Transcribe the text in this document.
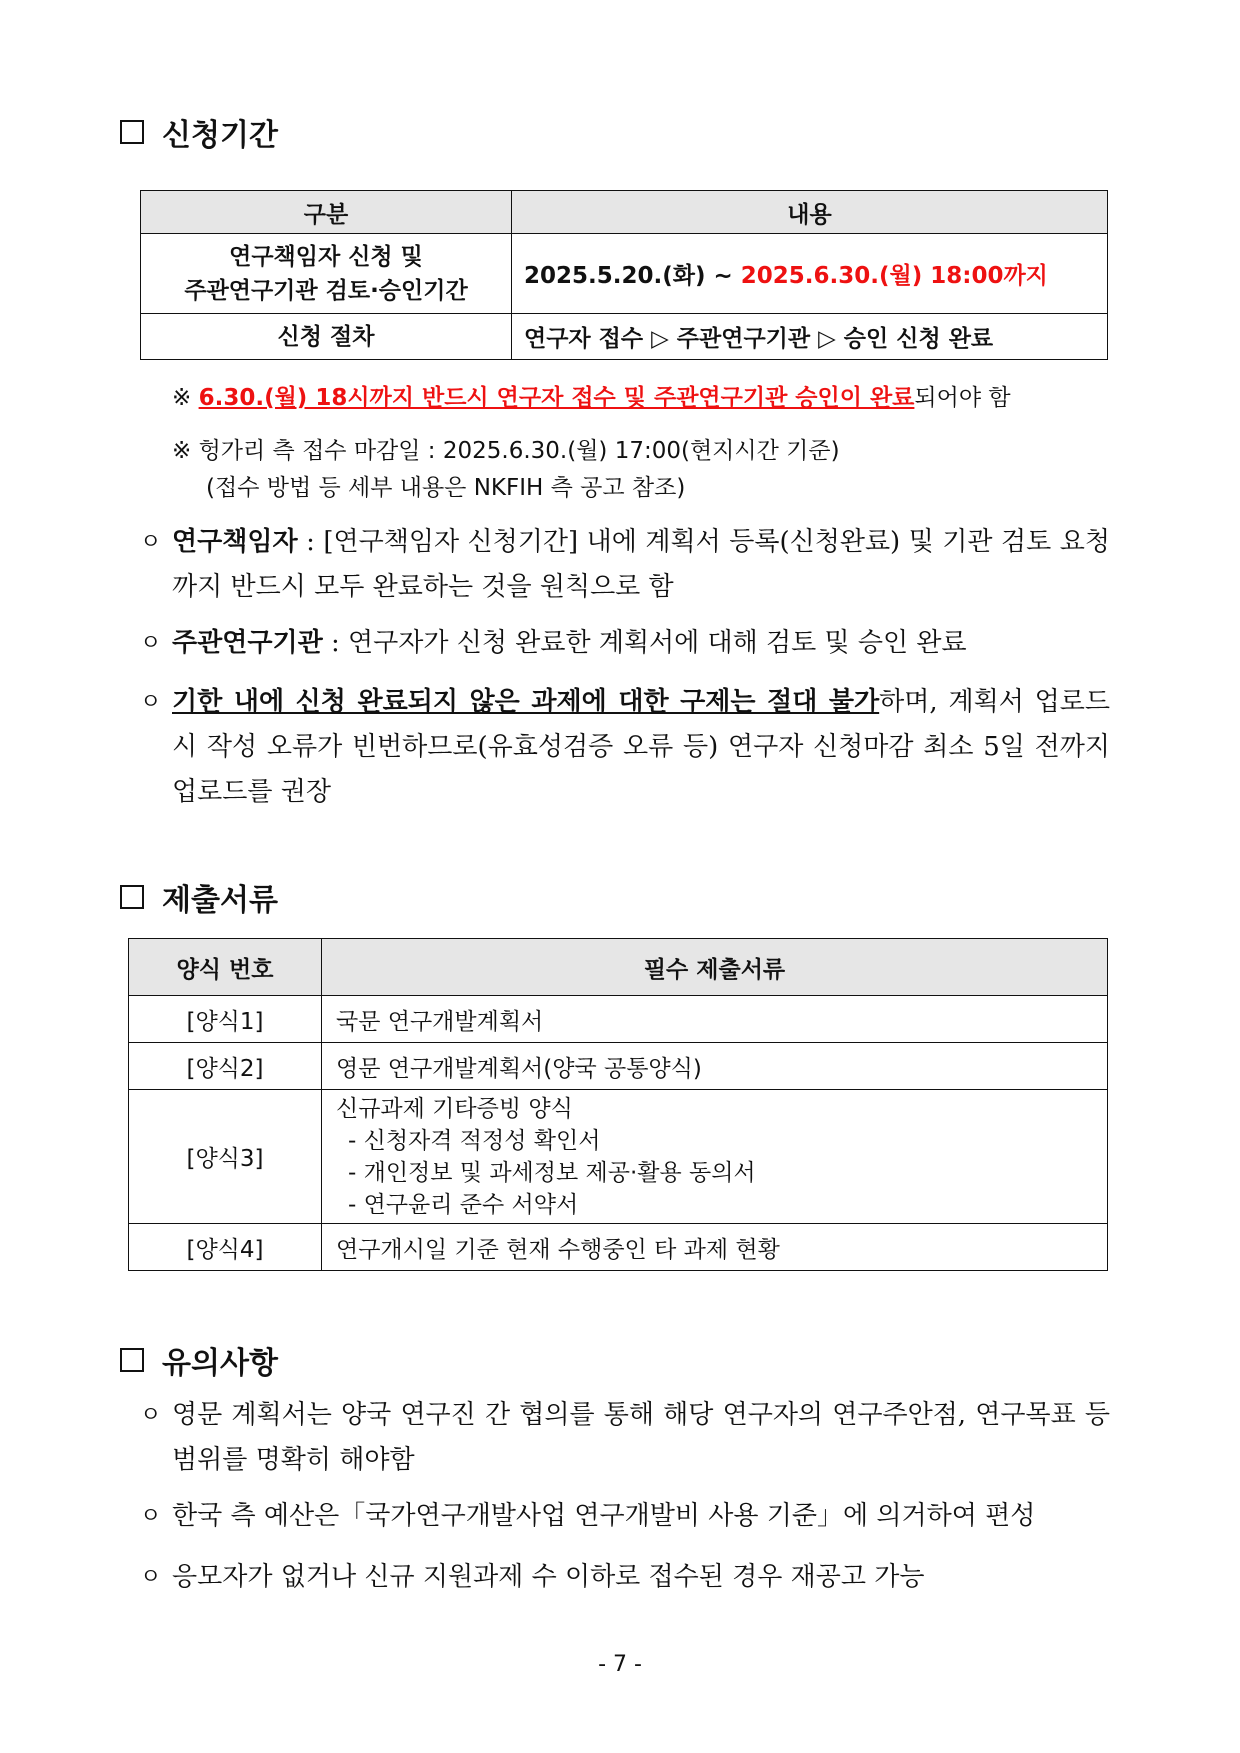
신청기간
구분	내용

연구책임자 신청 및
주관연구기관 검토·승인기간	2025.5.20.(화) ~ 2025.6.30.(월) 18:00까지
신청 절차	연구자 접수 ▷ 주관연구기관 ▷ 승인 신청 완료
※ 6.30.(월) 18시까지 반드시 연구자 접수 및 주관연구기관 승인이 완료되어야 함
※ 헝가리 측 접수 마감일 : 2025.6.30.(월) 17:00(현지시간 기준)
(접수 방법 등 세부 내용은 NKFIH 측 공고 참조)
ㅇ 연구책임자 : [연구책임자 신청기간] 내에 계획서 등록(신청완료) 및 기관 검토 요청까지 반드시 모두 완료하는 것을 원칙으로 함
ㅇ 주관연구기관 : 연구자가 신청 완료한 계획서에 대해 검토 및 승인 완료
ㅇ 기한 내에 신청 완료되지 않은 과제에 대한 구제는 절대 불가하며, 계획서 업로드 시 작성 오류가 빈번하므로(유효성검증 오류 등) 연구자 신청마감 최소 5일 전까지 업로드를 권장
제출서류
양식 번호	필수 제출서류
[양식1]	국문 연구개발계획서
[양식2]	영문 연구개발계획서(양국 공통양식)
[양식3]	신규과제 기타증빙 양식
- 신청자격 적정성 확인서
- 개인정보 및 과세정보 제공·활용 동의서
- 연구윤리 준수 서약서

[양식4]	연구개시일 기준 현재 수행중인 타 과제 현황
유의사항
ㅇ 영문 계획서는 양국 연구진 간 협의를 통해 해당 연구자의 연구주안점, 연구목표 등 범위를 명확히 해야함
ㅇ 한국 측 예산은「국가연구개발사업 연구개발비 사용 기준」에 의거하여 편성
ㅇ 응모자가 없거나 신규 지원과제 수 이하로 접수된 경우 재공고 가능
- 7 -
